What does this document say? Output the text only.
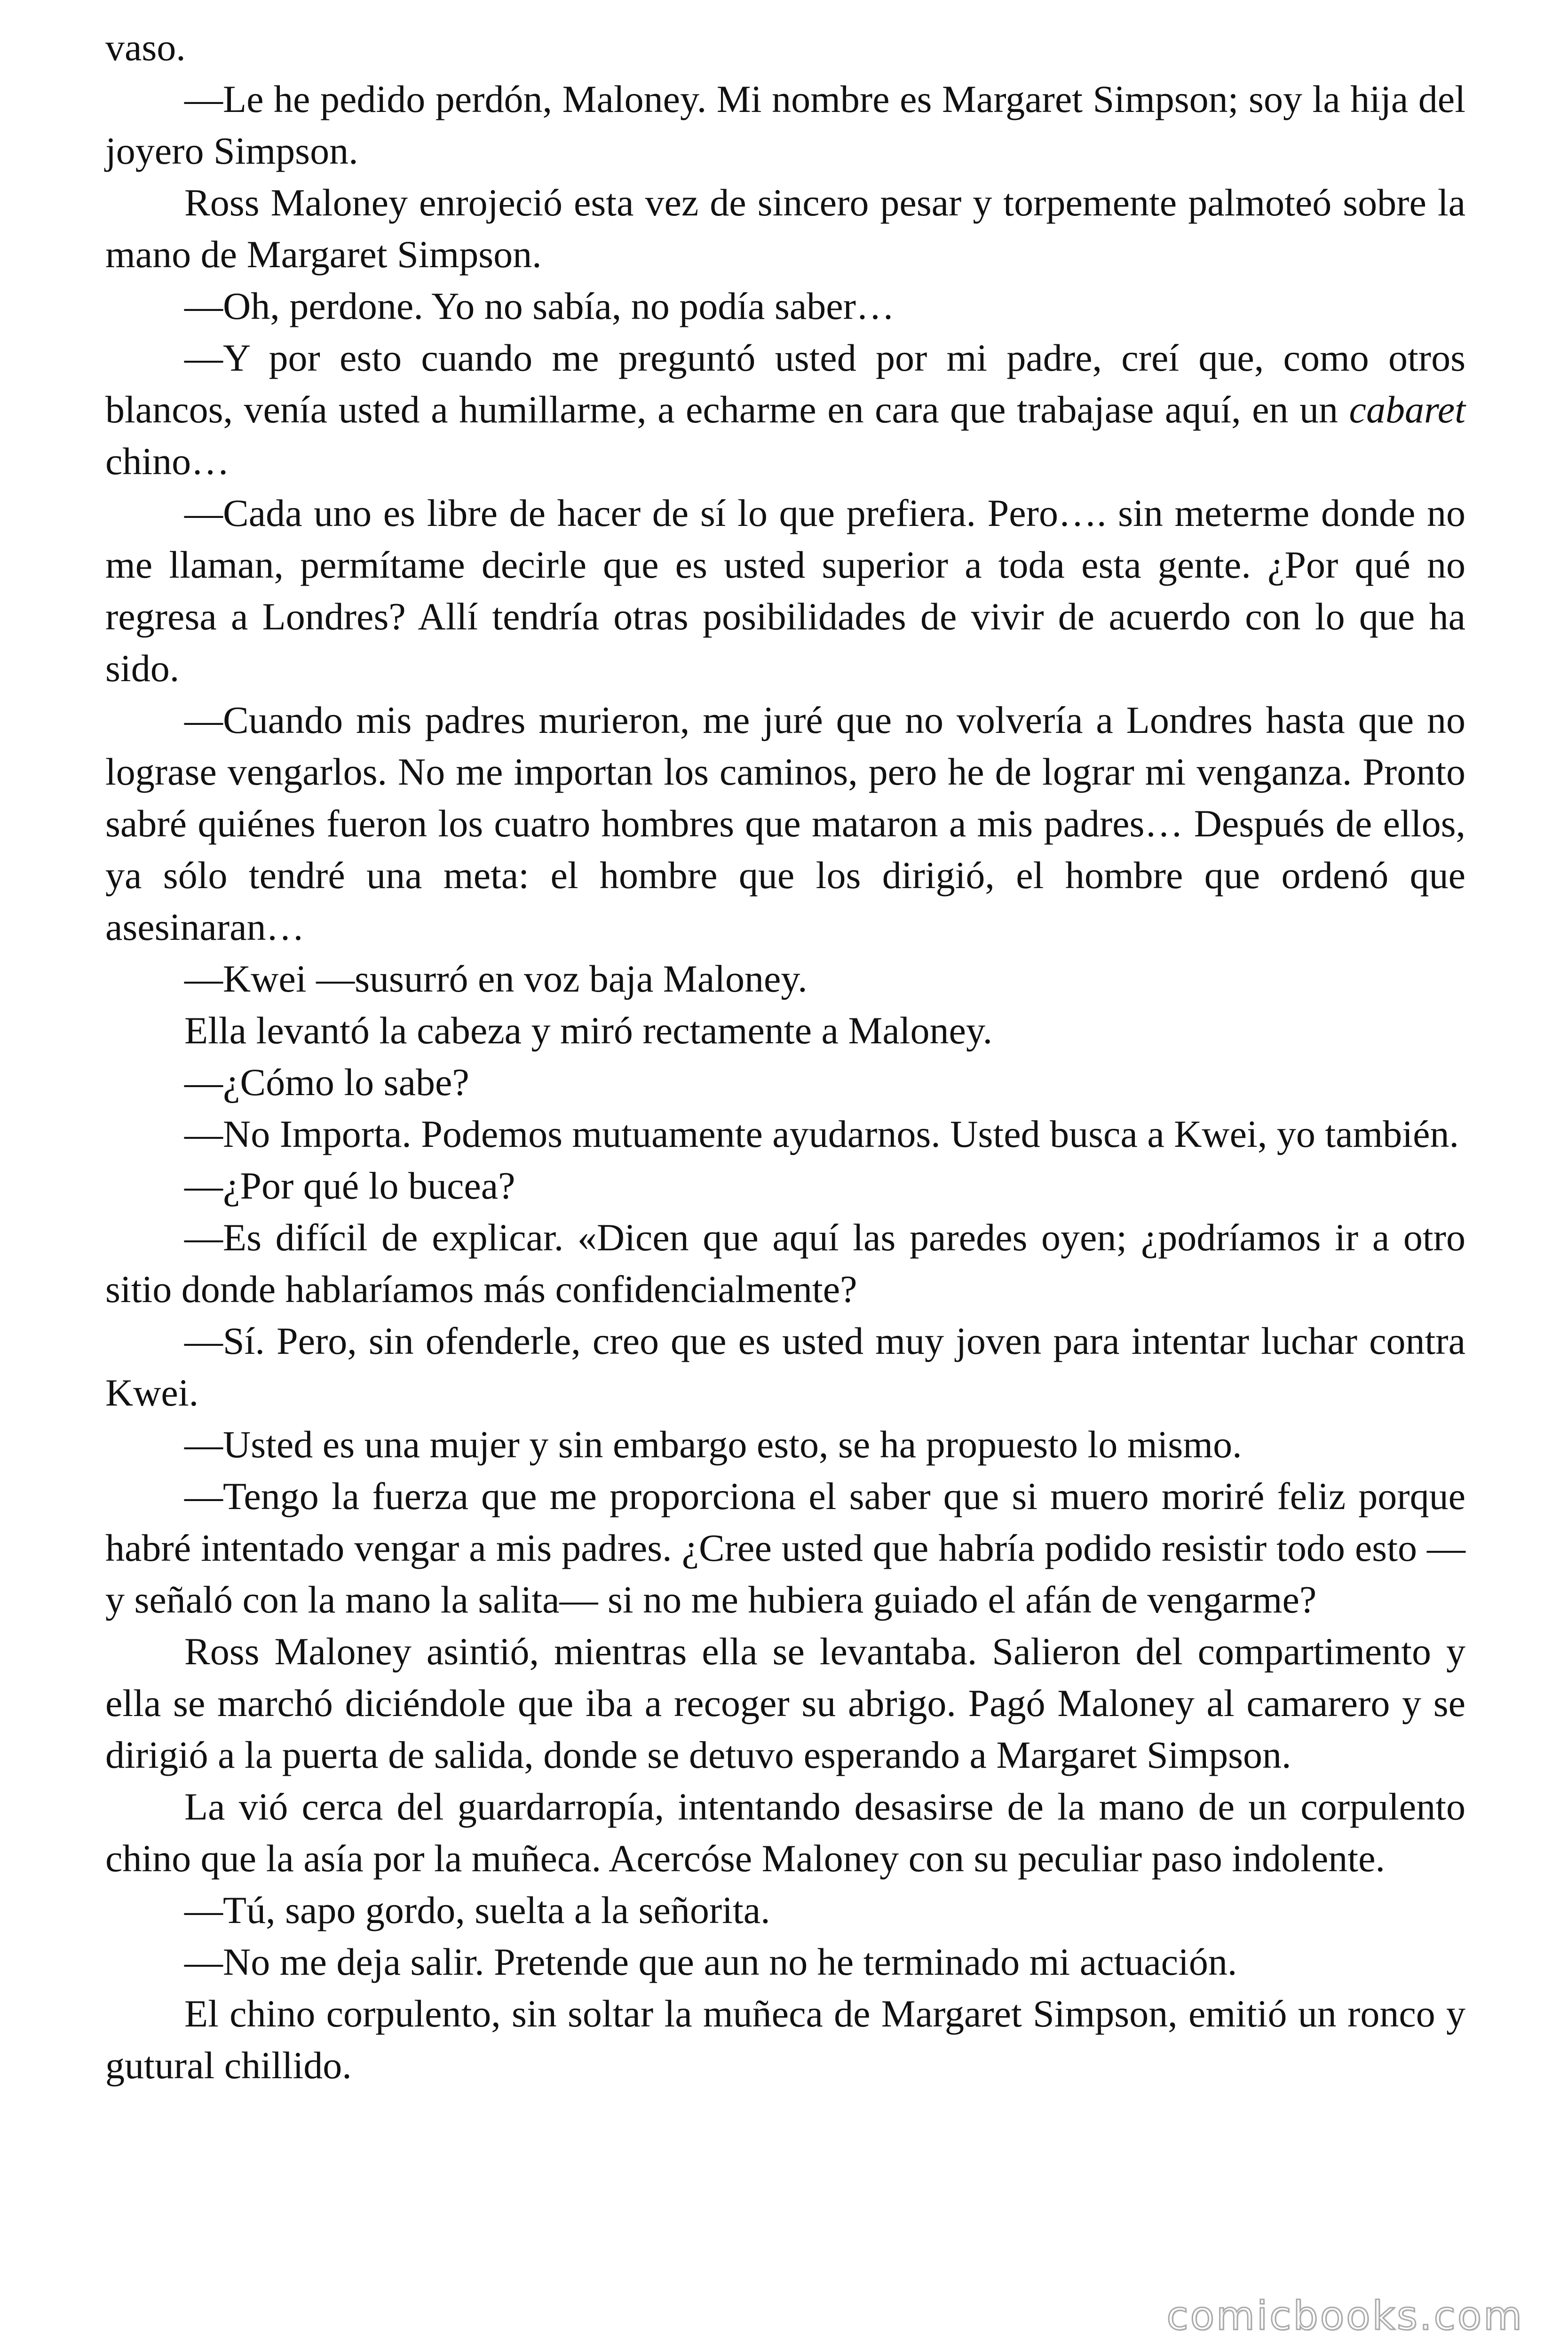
vaso.

—Le he pedido perdón, Maloney. Mi nombre es Margaret Simpson; soy la hija del joyero Simpson.

Ross Maloney enrojeció esta vez de sincero pesar y torpemente palmoteó sobre la mano de Margaret Simpson.

—Oh, perdone. Yo no sabía, no podía saber…

—Y por esto cuando me preguntó usted por mi padre, creí que, como otros blancos, venía usted a humillarme, a echarme en cara que trabajase aquí, en un cabaret chino…

—Cada uno es libre de hacer de sí lo que prefiera. Pero…. sin meterme donde no me llaman, permítame decirle que es usted superior a toda esta gente. ¿Por qué no regresa a Londres? Allí tendría otras posibilidades de vivir de acuerdo con lo que ha sido.

—Cuando mis padres murieron, me juré que no volvería a Londres hasta que no lograse vengarlos. No me importan los caminos, pero he de lograr mi venganza. Pronto sabré quiénes fueron los cuatro hombres que mataron a mis padres… Después de ellos, ya sólo tendré una meta: el hombre que los dirigió, el hombre que ordenó que asesinaran…

—Kwei —susurró en voz baja Maloney.

Ella levantó la cabeza y miró rectamente a Maloney.

—¿Cómo lo sabe?

—No Importa. Podemos mutuamente ayudarnos. Usted busca a Kwei, yo también.

—¿Por qué lo bucea?

—Es difícil de explicar. «Dicen que aquí las paredes oyen; ¿podríamos ir a otro sitio donde hablaríamos más confidencialmente?

—Sí. Pero, sin ofenderle, creo que es usted muy joven para intentar luchar contra Kwei.

—Usted es una mujer y sin embargo esto, se ha propuesto lo mismo.

—Tengo la fuerza que me proporciona el saber que si muero moriré feliz porque habré intentado vengar a mis padres. ¿Cree usted que habría podido resistir todo esto —y señaló con la mano la salita— si no me hubiera guiado el afán de vengarme?

Ross Maloney asintió, mientras ella se levantaba. Salieron del compartimento y ella se marchó diciéndole que iba a recoger su abrigo. Pagó Maloney al camarero y se dirigió a la puerta de salida, donde se detuvo esperando a Margaret Simpson.

La vió cerca del guardarropía, intentando desasirse de la mano de un corpulento chino que la asía por la muñeca. Acercóse Maloney con su peculiar paso indolente.

—Tú, sapo gordo, suelta a la señorita.

—No me deja salir. Pretende que aun no he terminado mi actuación.

El chino corpulento, sin soltar la muñeca de Margaret Simpson, emitió un ronco y gutural chillido.

comicbooks.com
